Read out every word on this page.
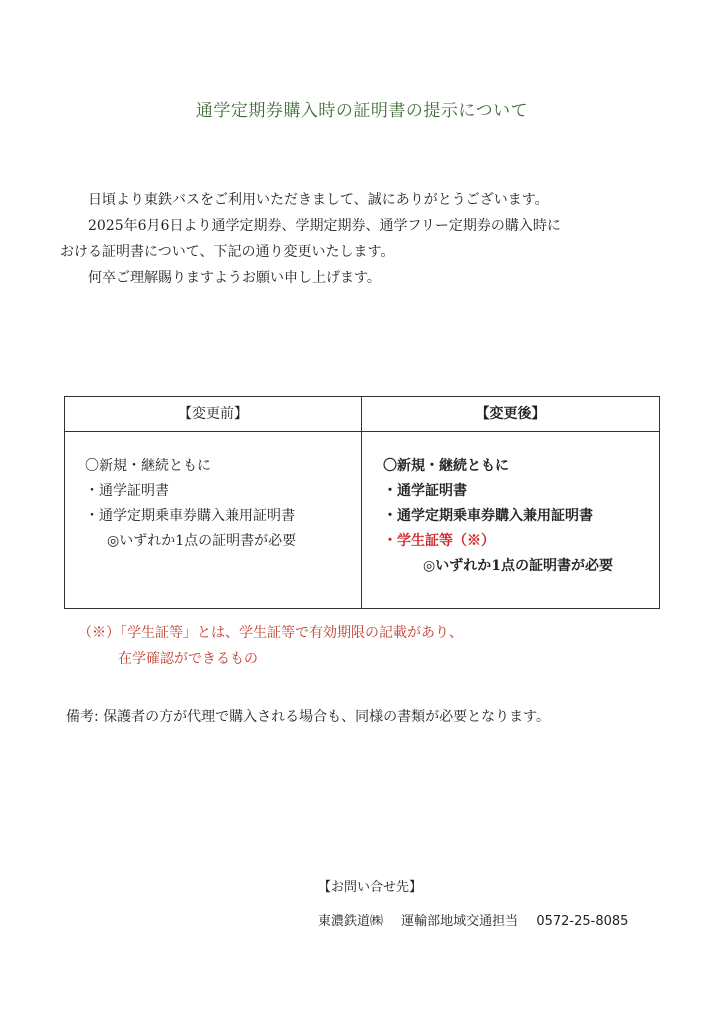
通学定期券購入時の証明書の提示について
日頃より東鉄バスをご利用いただきまして、誠にありがとうございます。
2025年6月6日より通学定期券、学期定期券、通学フリー定期券の購入時に
おける証明書について、下記の通り変更いたします。
何卒ご理解賜りますようお願い申し上げます。
【変更前】	【変更後】
〇新規・継続ともに
・通学証明書
・通学定期乗車券購入兼用証明書
◎いずれか1点の証明書が必要
〇新規・継続ともに
・通学証明書
・通学定期乗車券購入兼用証明書
・学生証等（※）
◎いずれか1点の証明書が必要
（※）「学生証等」とは、学生証等で有効期限の記載があり、
在学確認ができるもの
備考: 保護者の方が代理で購入される場合も、同様の書類が必要となります。
【お問い合せ先】
東濃鉄道㈱ 運輸部地域交通担当 0572-25-8085
